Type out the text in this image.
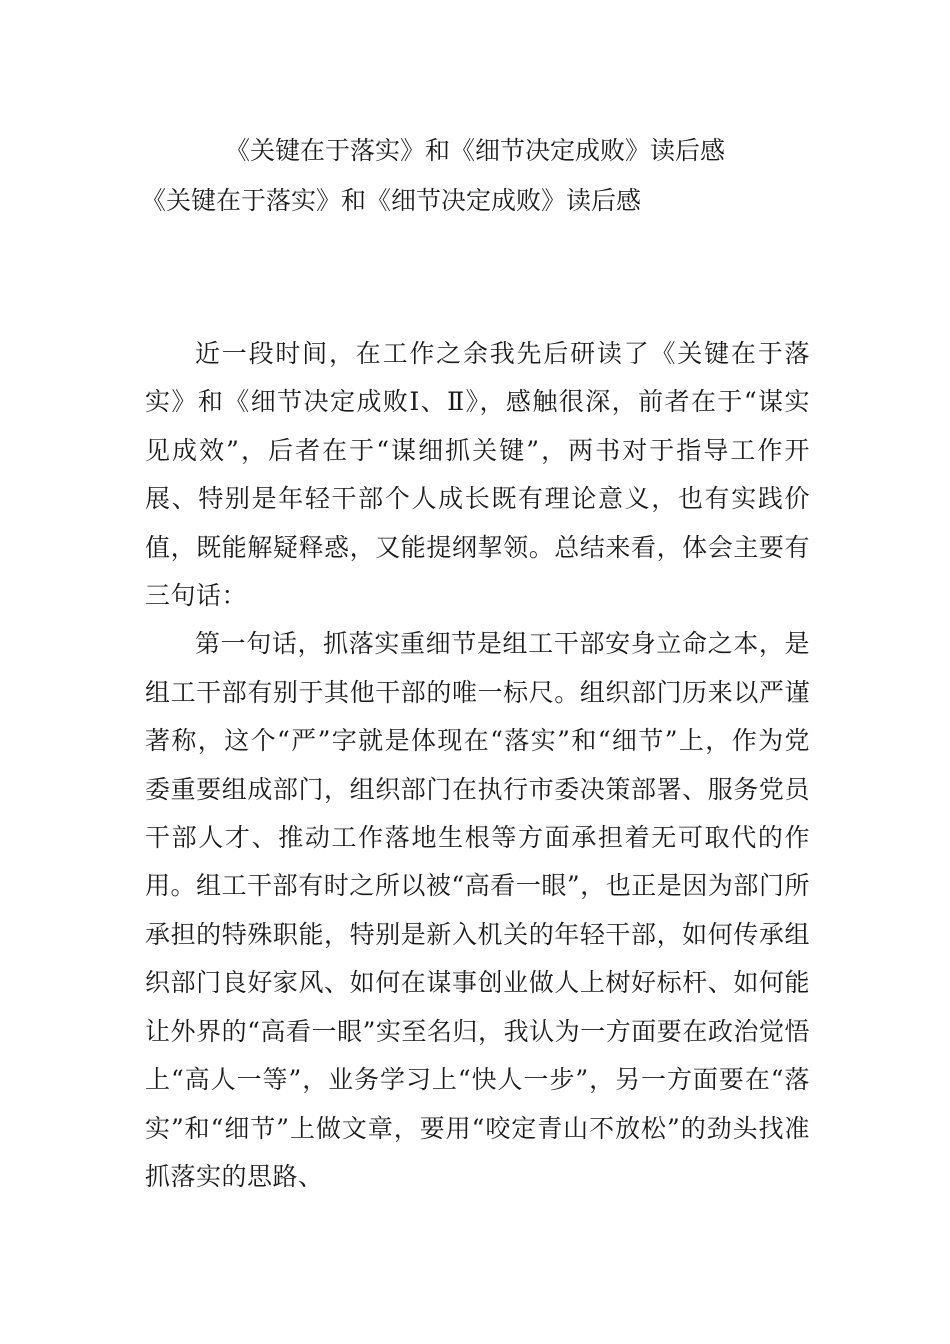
《关键在于落实》和《细节决定成败》读后感
《关键在于落实》和《细节决定成败》读后感

近一段时间，在工作之余我先后研读了《关键在于落实》和《细节决定成败Ⅰ、Ⅱ》，感触很深，前者在于“谋实见成效”，后者在于“谋细抓关键”，两书对于指导工作开展、特别是年轻干部个人成长既有理论意义，也有实践价值，既能解疑释惑，又能提纲挈领。总结来看，体会主要有三句话：

第一句话，抓落实重细节是组工干部安身立命之本，是组工干部有别于其他干部的唯一标尺。组织部门历来以严谨著称，这个“严”字就是体现在“落实”和“细节”上，作为党委重要组成部门，组织部门在执行市委决策部署、服务党员干部人才、推动工作落地生根等方面承担着无可取代的作用。组工干部有时之所以被“高看一眼”，也正是因为部门所承担的特殊职能，特别是新入机关的年轻干部，如何传承组织部门良好家风、如何在谋事创业做人上树好标杆、如何能让外界的“高看一眼”实至名归，我认为一方面要在政治觉悟上“高人一等”，业务学习上“快人一步”，另一方面要在“落实”和“细节”上做文章，要用“咬定青山不放松”的劲头找准抓落实的思路、
